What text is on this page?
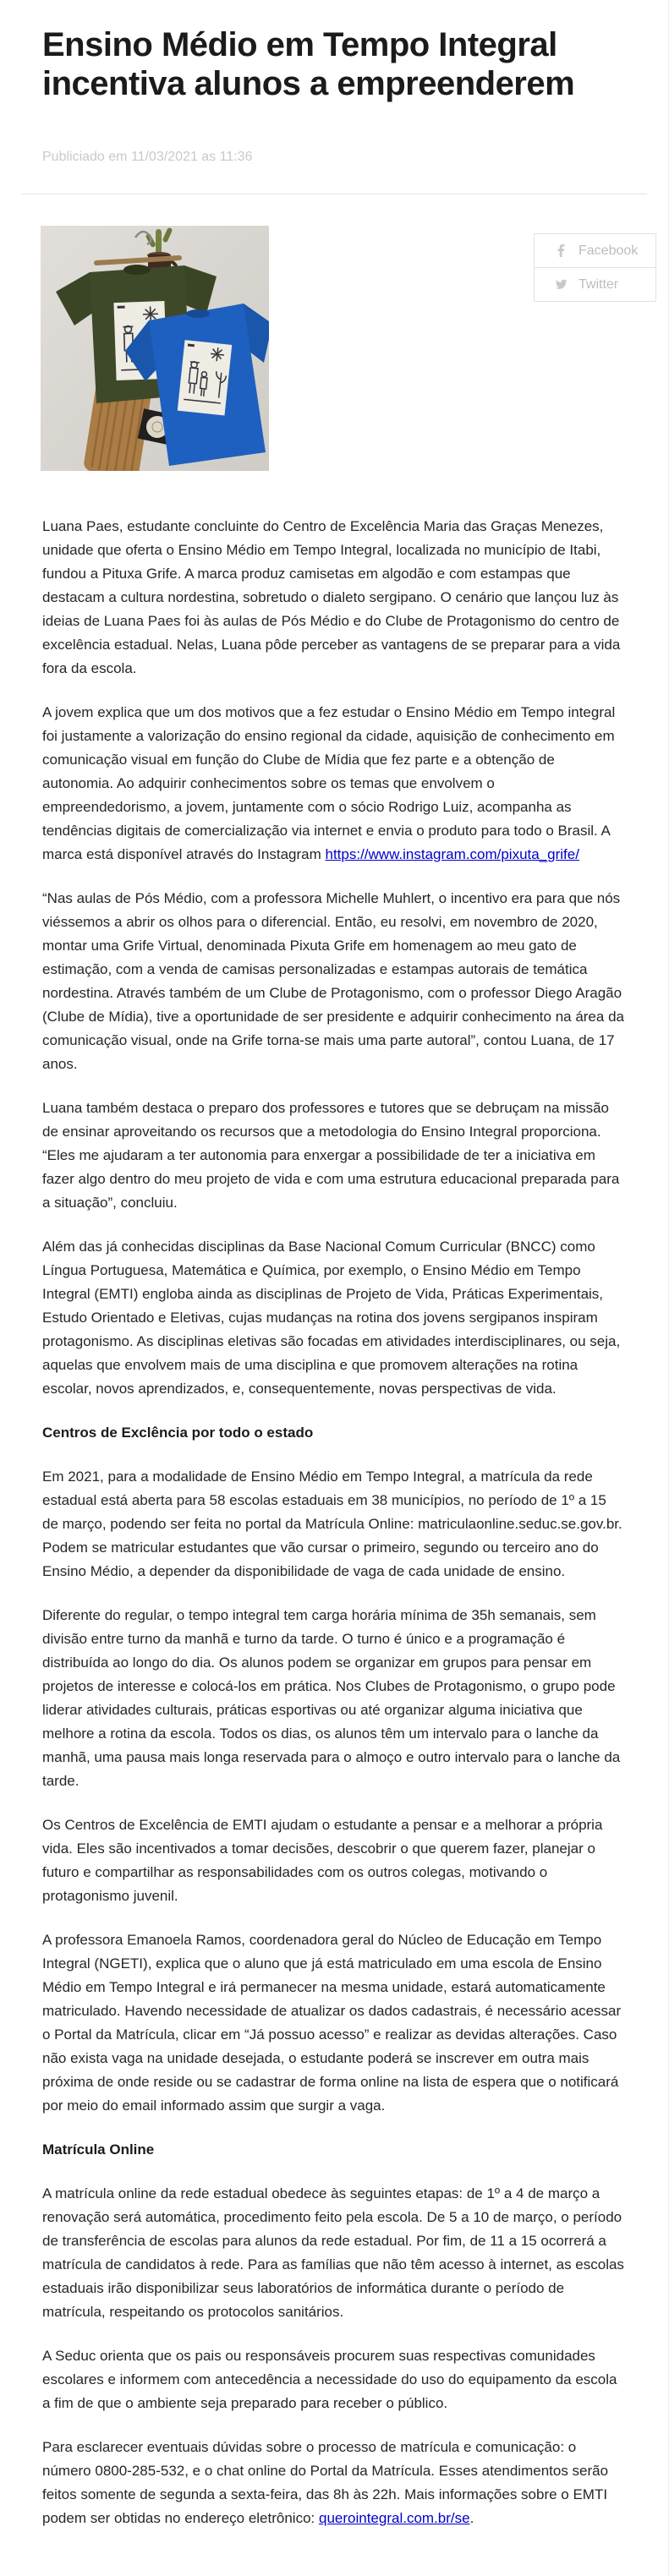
Ensino Médio em Tempo Integral incentiva alunos a empreenderem
Publiciado em 11/03/2021 as 11:36
Facebook
Twitter

Luana Paes, estudante concluinte do Centro de Excelência Maria das Graças Menezes, unidade que oferta o Ensino Médio em Tempo Integral, localizada no município de Itabi, fundou a Pituxa Grife. A marca produz camisetas em algodão e com estampas que destacam a cultura nordestina, sobretudo o dialeto sergipano. O cenário que lançou luz às ideias de Luana Paes foi às aulas de Pós Médio e do Clube de Protagonismo do centro de excelência estadual. Nelas, Luana pôde perceber as vantagens de se preparar para a vida fora da escola.

A jovem explica que um dos motivos que a fez estudar o Ensino Médio em Tempo integral foi justamente a valorização do ensino regional da cidade, aquisição de conhecimento em comunicação visual em função do Clube de Mídia que fez parte e a obtenção de autonomia. Ao adquirir conhecimentos sobre os temas que envolvem o empreendedorismo, a jovem, juntamente com o sócio Rodrigo Luiz, acompanha as tendências digitais de comercialização via internet e envia o produto para todo o Brasil. A marca está disponível através do Instagram https://www.instagram.com/pixuta_grife/

“Nas aulas de Pós Médio, com a professora Michelle Muhlert, o incentivo era para que nós viéssemos a abrir os olhos para o diferencial. Então, eu resolvi, em novembro de 2020, montar uma Grife Virtual, denominada Pixuta Grife em homenagem ao meu gato de estimação, com a venda de camisas personalizadas e estampas autorais de temática nordestina. Através também de um Clube de Protagonismo, com o professor Diego Aragão (Clube de Mídia), tive a oportunidade de ser presidente e adquirir conhecimento na área da comunicação visual, onde na Grife torna-se mais uma parte autoral”, contou Luana, de 17 anos.

Luana também destaca o preparo dos professores e tutores que se debruçam na missão de ensinar aproveitando os recursos que a metodologia do Ensino Integral proporciona. “Eles me ajudaram a ter autonomia para enxergar a possibilidade de ter a iniciativa em fazer algo dentro do meu projeto de vida e com uma estrutura educacional preparada para a situação”, concluiu.

Além das já conhecidas disciplinas da Base Nacional Comum Curricular (BNCC) como Língua Portuguesa, Matemática e Química, por exemplo, o Ensino Médio em Tempo Integral (EMTI) engloba ainda as disciplinas de Projeto de Vida, Práticas Experimentais, Estudo Orientado e Eletivas, cujas mudanças na rotina dos jovens sergipanos inspiram protagonismo. As disciplinas eletivas são focadas em atividades interdisciplinares, ou seja, aquelas que envolvem mais de uma disciplina e que promovem alterações na rotina escolar, novos aprendizados, e, consequentemente, novas perspectivas de vida.

Centros de Exclência por todo o estado

Em 2021, para a modalidade de Ensino Médio em Tempo Integral, a matrícula da rede estadual está aberta para 58 escolas estaduais em 38 municípios, no período de 1º a 15 de março, podendo ser feita no portal da Matrícula Online: matriculaonline.seduc.se.gov.br. Podem se matricular estudantes que vão cursar o primeiro, segundo ou terceiro ano do Ensino Médio, a depender da disponibilidade de vaga de cada unidade de ensino.

Diferente do regular, o tempo integral tem carga horária mínima de 35h semanais, sem divisão entre turno da manhã e turno da tarde. O turno é único e a programação é distribuída ao longo do dia. Os alunos podem se organizar em grupos para pensar em projetos de interesse e colocá-los em prática. Nos Clubes de Protagonismo, o grupo pode liderar atividades culturais, práticas esportivas ou até organizar alguma iniciativa que melhore a rotina da escola. Todos os dias, os alunos têm um intervalo para o lanche da manhã, uma pausa mais longa reservada para o almoço e outro intervalo para o lanche da tarde.

Os Centros de Excelência de EMTI ajudam o estudante a pensar e a melhorar a própria vida. Eles são incentivados a tomar decisões, descobrir o que querem fazer, planejar o futuro e compartilhar as responsabilidades com os outros colegas, motivando o protagonismo juvenil.

A professora Emanoela Ramos, coordenadora geral do Núcleo de Educação em Tempo Integral (NGETI), explica que o aluno que já está matriculado em uma escola de Ensino Médio em Tempo Integral e irá permanecer na mesma unidade, estará automaticamente matriculado. Havendo necessidade de atualizar os dados cadastrais, é necessário acessar o Portal da Matrícula, clicar em “Já possuo acesso” e realizar as devidas alterações. Caso não exista vaga na unidade desejada, o estudante poderá se inscrever em outra mais próxima de onde reside ou se cadastrar de forma online na lista de espera que o notificará por meio do email informado assim que surgir a vaga.

Matrícula Online

A matrícula online da rede estadual obedece às seguintes etapas: de 1º a 4 de março a renovação será automática, procedimento feito pela escola. De 5 a 10 de março, o período de transferência de escolas para alunos da rede estadual. Por fim, de 11 a 15 ocorrerá a matrícula de candidatos à rede. Para as famílias que não têm acesso à internet, as escolas estaduais irão disponibilizar seus laboratórios de informática durante o período de matrícula, respeitando os protocolos sanitários.

A Seduc orienta que os pais ou responsáveis procurem suas respectivas comunidades escolares e informem com antecedência a necessidade do uso do equipamento da escola a fim de que o ambiente seja preparado para receber o público.

Para esclarecer eventuais dúvidas sobre o processo de matrícula e comunicação: o número 0800-285-532, e o chat online do Portal da Matrícula. Esses atendimentos serão feitos somente de segunda a sexta-feira, das 8h às 22h. Mais informações sobre o EMTI podem ser obtidas no endereço eletrônico: querointegral.com.br/se.
